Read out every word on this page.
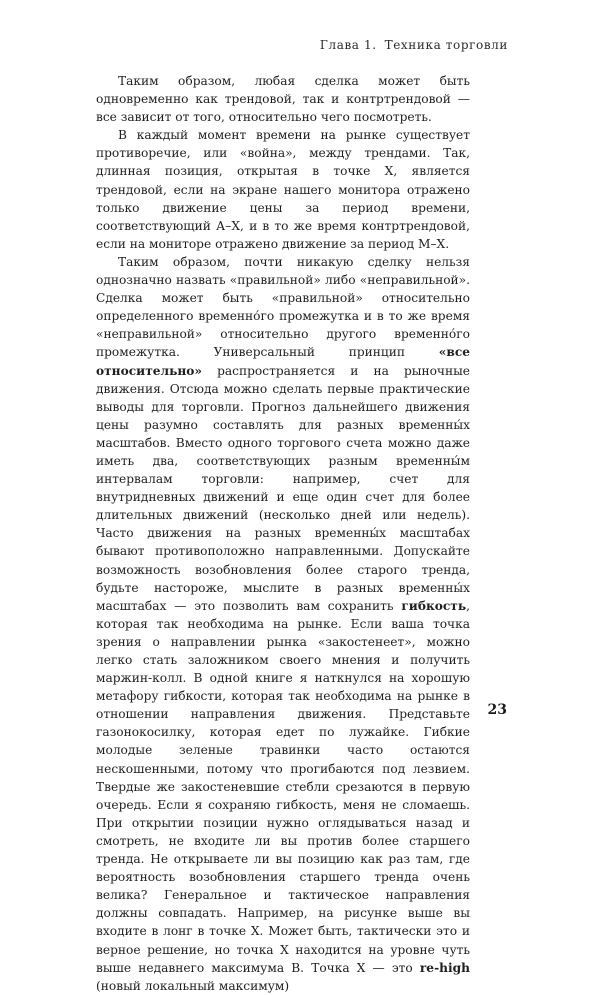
Глава 1. Техника торговли

Таким образом, любая сделка может быть одновременно как трендовой, так и контртрендовой — все зависит от того, относительно чего посмотреть.

В каждый момент времени на рынке существует противоречие, или «война», между трендами. Так, длинная позиция, открытая в точке X, является трендовой, если на экране нашего монитора отражено только движение цены за период времени, соответствующий А–X, и в то же время контртрендовой, если на мониторе отражено движение за период М–X.

Таким образом, почти никакую сделку нельзя однозначно назвать «правильной» либо «неправильной». Сделка может быть «правильной» относительно определенного временно́го промежутка и в то же время «неправильной» относительно другого временно́го промежутка. Универсальный принцип «все относительно» распространяется и на рыночные движения. Отсюда можно сделать первые практические выводы для торговли. Прогноз дальнейшего движения цены разумно составлять для разных временны́х масштабов. Вместо одного торгового счета можно даже иметь два, соответствующих разным временны́м интервалам торговли: например, счет для внутридневных движений и еще один счет для более длительных движений (несколько дней или недель). Часто движения на разных временны́х масштабах бывают противоположно направленными. Допускайте возможность возобновления более старого тренда, будьте настороже, мыслите в разных временны́х масштабах — это позволить вам сохранить гибкость, которая так необходима на рынке. Если ваша точка зрения о направлении рынка «закостенеет», можно легко стать заложником своего мнения и получить маржин-колл. В одной книге я наткнулся на хорошую метафору гибкости, которая так необходима на рынке в отношении направления движения. Представьте газонокосилку, которая едет по лужайке. Гибкие молодые зеленые травинки часто остаются нескошенными, потому что прогибаются под лезвием. Твердые же закостеневшие стебли срезаются в первую очередь. Если я сохраняю гибкость, меня не сломаешь. При открытии позиции нужно оглядываться назад и смотреть, не входите ли вы против более старшего тренда. Не открываете ли вы позицию как раз там, где вероятность возобновления старшего тренда очень велика? Генеральное и тактическое направления должны совпадать. Например, на рисунке выше вы входите в лонг в точке X. Может быть, тактически это и верное решение, но точка X находится на уровне чуть выше недавнего максимума В. Точка X — это re-high (новый локальный максимум)

23
